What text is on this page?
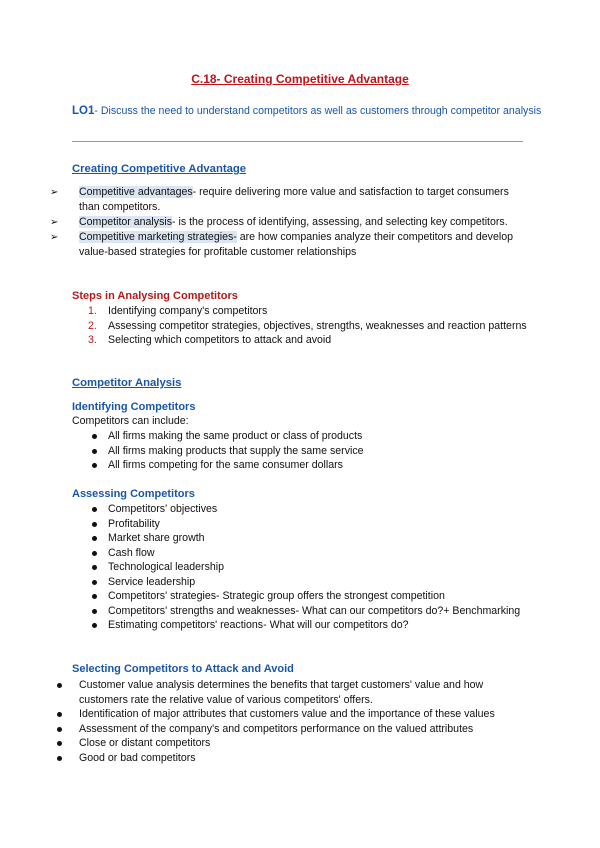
C.18- Creating Competitive Advantage
LO1- Discuss the need to understand competitors as well as customers through competitor analysis
Creating Competitive Advantage

➢ Competitive advantages- require delivering more value and satisfaction to target consumers than competitors.

➢ Competitor analysis- is the process of identifying, assessing, and selecting key competitors.

➢ Competitive marketing strategies- are how companies analyze their competitors and develop value-based strategies for profitable customer relationships

Steps in Analysing Competitors
1. Identifying company's competitors
2. Assessing competitor strategies, objectives, strengths, weaknesses and reaction patterns
3. Selecting which competitors to attack and avoid
Competitor Analysis
Identifying Competitors
Competitors can include:
All firms making the same product or class of products
All firms making products that supply the same service
All firms competing for the same consumer dollars
Assessing Competitors
Competitors' objectives
Profitability
Market share growth
Cash flow
Technological leadership
Service leadership
Competitors' strategies- Strategic group offers the strongest competition
Competitors' strengths and weaknesses- What can our competitors do?+ Benchmarking
Estimating competitors' reactions- What will our competitors do?
Selecting Competitors to Attack and Avoid
Customer value analysis determines the benefits that target customers' value and how customers rate the relative value of various competitors' offers.
Identification of major attributes that customers value and the importance of these values
Assessment of the company's and competitors performance on the valued attributes
Close or distant competitors
Good or bad competitors
